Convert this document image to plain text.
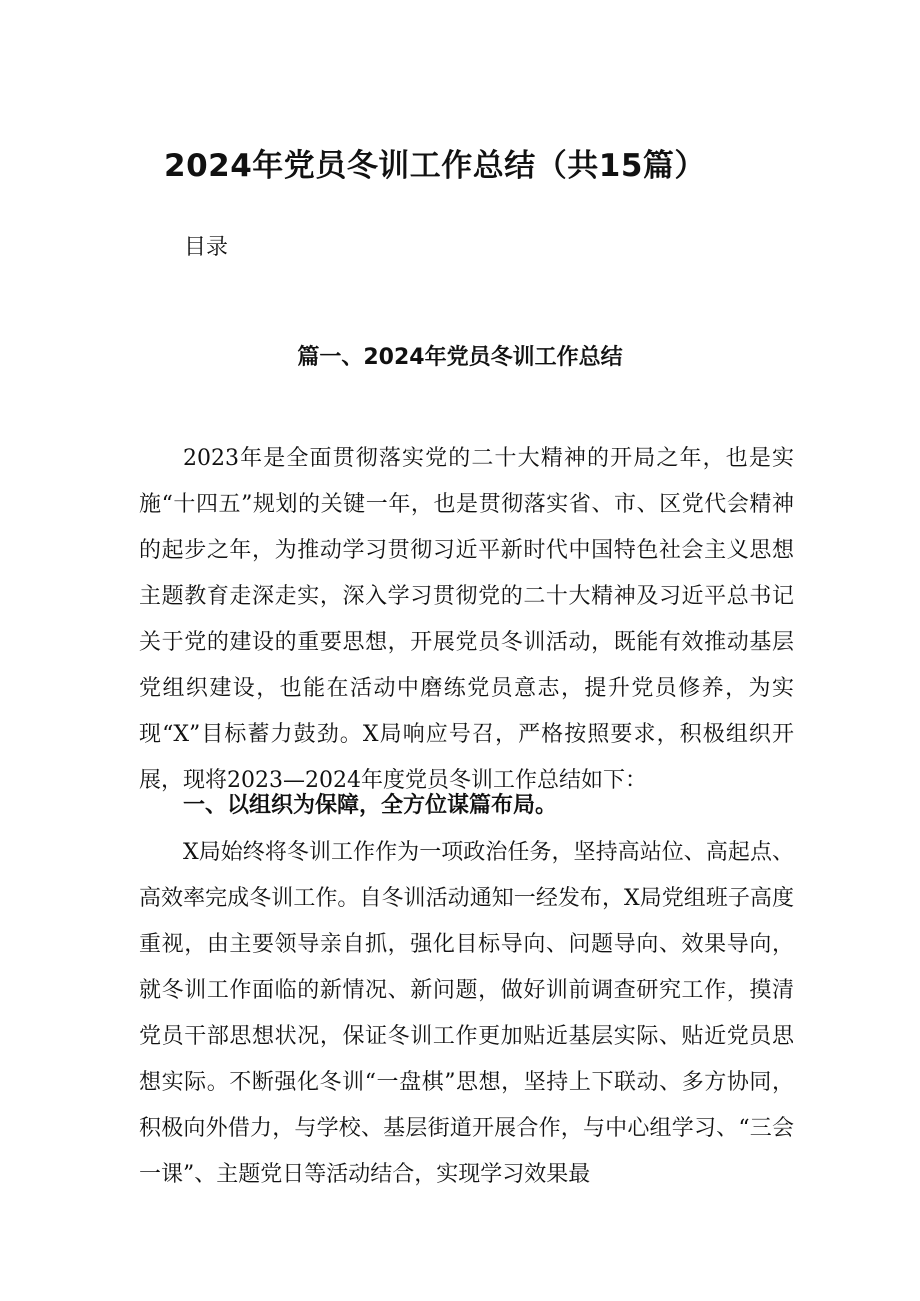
2024年党员冬训工作总结（共15篇）
目录
篇一、2024年党员冬训工作总结

2023年是全面贯彻落实党的二十大精神的开局之年，也是实施“十四五”规划的关键一年，也是贯彻落实省、市、区党代会精神的起步之年，为推动学习贯彻习近平新时代中国特色社会主义思想主题教育走深走实，深入学习贯彻党的二十大精神及习近平总书记关于党的建设的重要思想，开展党员冬训活动，既能有效推动基层党组织建设，也能在活动中磨练党员意志，提升党员修养，为实现“X”目标蓄力鼓劲。X局响应号召，严格按照要求，积极组织开展，现将2023—2024年度党员冬训工作总结如下：

一、以组织为保障，全方位谋篇布局。

X局始终将冬训工作作为一项政治任务，坚持高站位、高起点、高效率完成冬训工作。自冬训活动通知一经发布，X局党组班子高度重视，由主要领导亲自抓，强化目标导向、问题导向、效果导向，就冬训工作面临的新情况、新问题，做好训前调查研究工作，摸清党员干部思想状况，保证冬训工作更加贴近基层实际、贴近党员思想实际。不断强化冬训“一盘棋”思想，坚持上下联动、多方协同，积极向外借力，与学校、基层街道开展合作，与中心组学习、“三会一课”、主题党日等活动结合，实现学习效果最
